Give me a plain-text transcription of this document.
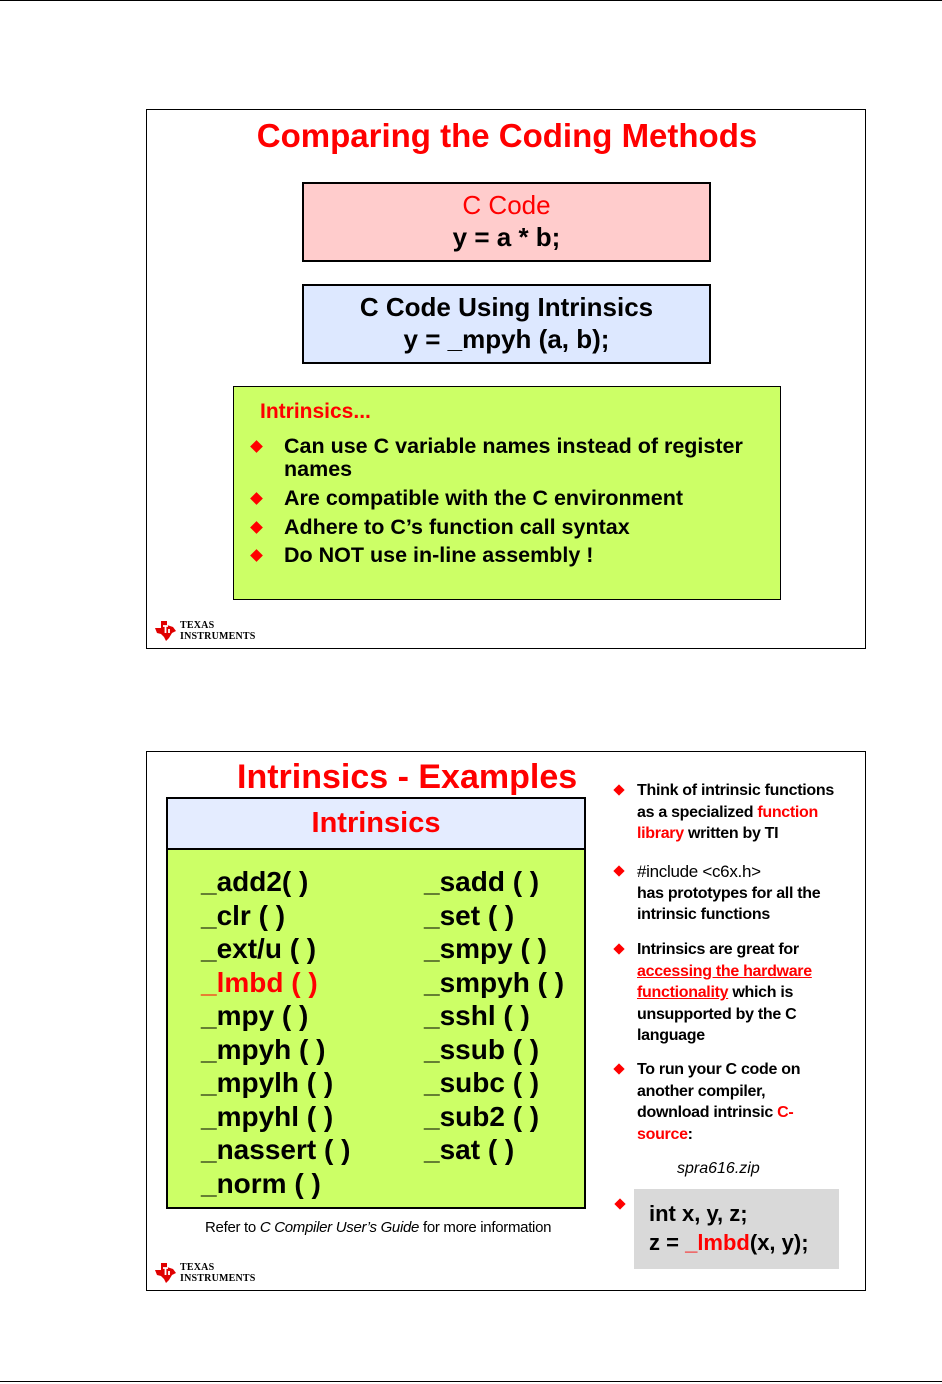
Comparing the Coding Methods
C Code
y = a * b;
C Code Using Intrinsics
y = _mpyh (a, b);
Intrinsics...
Can use C variable names instead of register names
Are compatible with the C environment
Adhere to C’s function call syntax
Do NOT use in-line assembly !
TEXAS
INSTRUMENTS
Intrinsics - Examples
Intrinsics
_add2( )
_clr ( )
_ext/u ( )
_lmbd ( )
_mpy ( )
_mpyh ( )
_mpylh ( )
_mpyhl ( )
_nassert ( )
_norm ( )
_sadd ( )
_set ( )
_smpy ( )
_smpyh ( )
_sshl ( )
_ssub ( )
_subc ( )
_sub2 ( )
_sat ( )
Refer to C Compiler User’s Guide for more information
Think of intrinsic functions as a specialized function library written by TI
#include <c6x.h>
has prototypes for all the intrinsic functions
Intrinsics are great for accessing the hardware functionality which is unsupported by the C language
To run your C code on another compiler, download intrinsic C-source:
spra616.zip
int x, y, z;
z = _lmbd(x, y);
TEXAS
INSTRUMENTS
